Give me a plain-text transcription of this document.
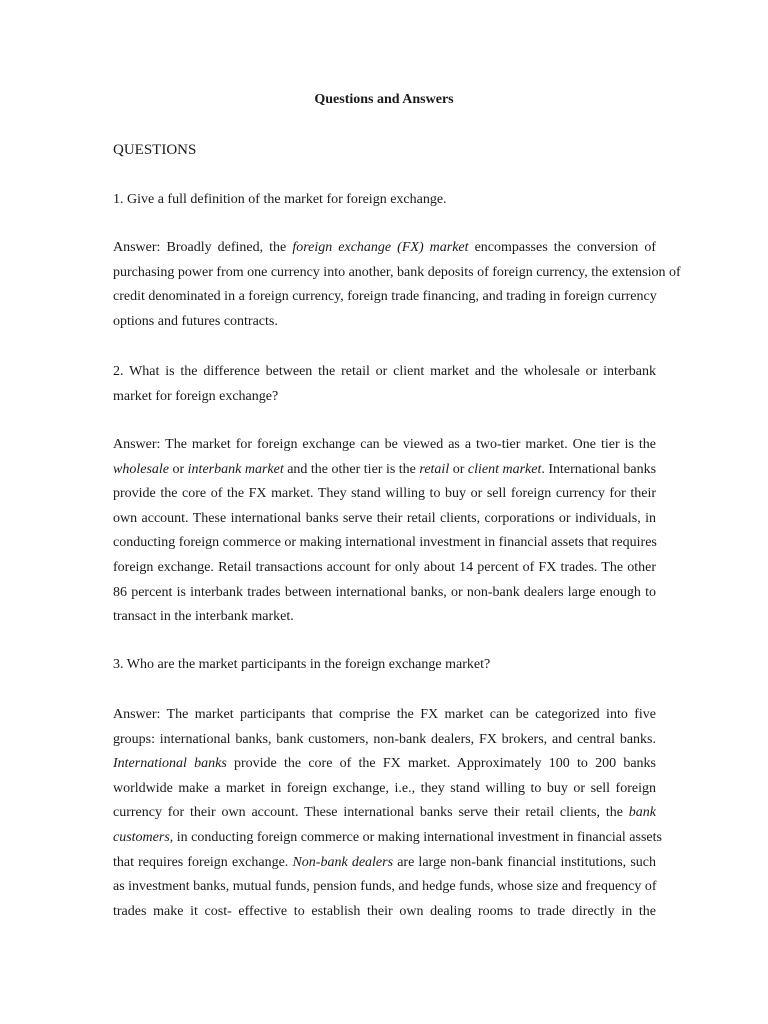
Questions and Answers
QUESTIONS
1. Give a full definition of the market for foreign exchange.
Answer: Broadly defined, the foreign exchange (FX) market encompasses the conversion of
purchasing power from one currency into another, bank deposits of foreign currency, the extension of
credit denominated in a foreign currency, foreign trade financing, and trading in foreign currency
options and futures contracts.
2. What is the difference between the retail or client market and the wholesale or interbank
market for foreign exchange?
Answer: The market for foreign exchange can be viewed as a two-tier market. One tier is the
wholesale or interbank market and the other tier is the retail or client market. International banks
provide the core of the FX market. They stand willing to buy or sell foreign currency for their
own account. These international banks serve their retail clients, corporations or individuals, in
conducting foreign commerce or making international investment in financial assets that requires
foreign exchange. Retail transactions account for only about 14 percent of FX trades. The other
86 percent is interbank trades between international banks, or non-bank dealers large enough to
transact in the interbank market.
3. Who are the market participants in the foreign exchange market?
Answer: The market participants that comprise the FX market can be categorized into five
groups: international banks, bank customers, non-bank dealers, FX brokers, and central banks.
International banks provide the core of the FX market. Approximately 100 to 200 banks
worldwide make a market in foreign exchange, i.e., they stand willing to buy or sell foreign
currency for their own account. These international banks serve their retail clients, the bank
customers, in conducting foreign commerce or making international investment in financial assets
that requires foreign exchange. Non-bank dealers are large non-bank financial institutions, such
as investment banks, mutual funds, pension funds, and hedge funds, whose size and frequency of
trades make it cost- effective to establish their own dealing rooms to trade directly in the
